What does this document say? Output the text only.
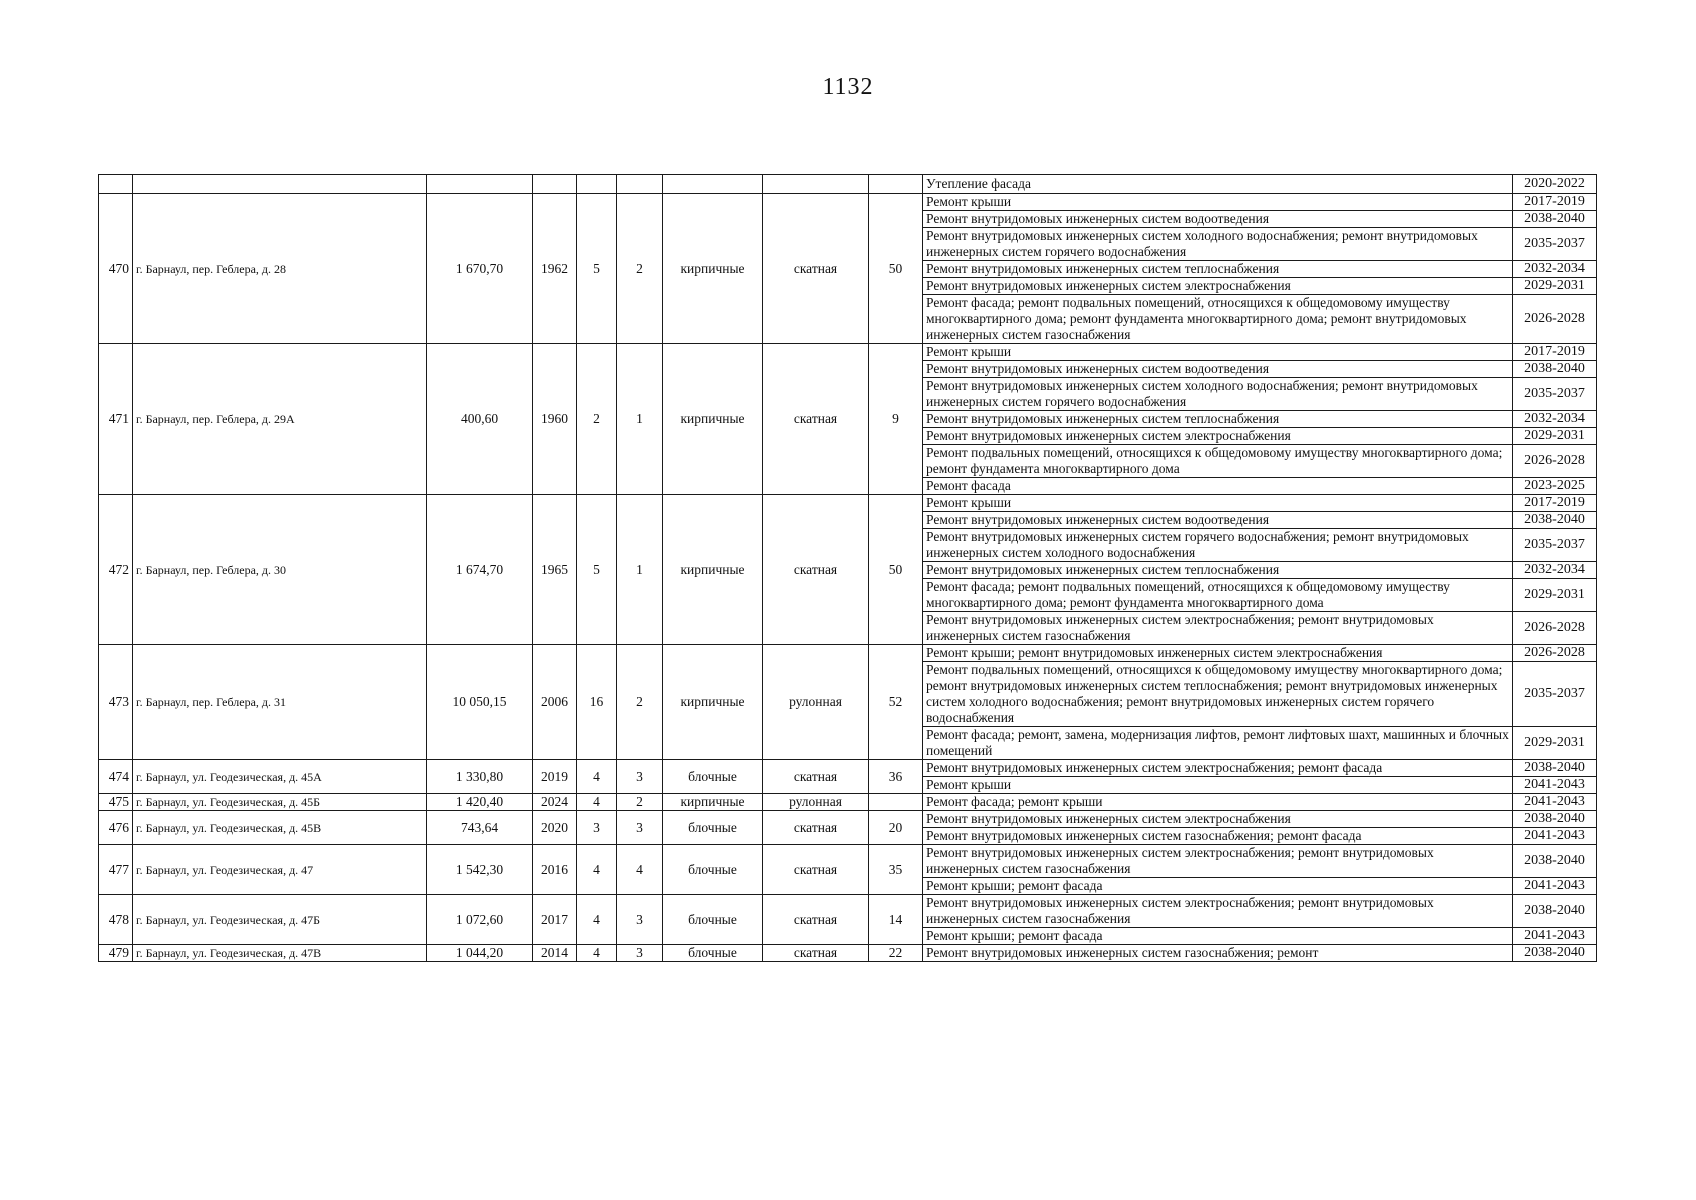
1132
									Утепление фасада	2020-2022
470	г. Барнаул, пер. Геблера, д. 28	1 670,70	1962	5	2	кирпичные	скатная	50	Ремонт крыши	2017-2019
									Ремонт внутридомовых инженерных систем водоотведения	2038-2040
									Ремонт внутридомовых инженерных систем холодного водоснабжения; ремонт внутридомовых инженерных систем горячего водоснабжения	2035-2037
									Ремонт внутридомовых инженерных систем теплоснабжения	2032-2034
									Ремонт внутридомовых инженерных систем электроснабжения	2029-2031
									Ремонт фасада; ремонт подвальных помещений, относящихся к общедомовому имуществу многоквартирного дома; ремонт фундамента многоквартирного дома; ремонт внутридомовых инженерных систем газоснабжения	2026-2028
471	г. Барнаул, пер. Геблера, д. 29А	400,60	1960	2	1	кирпичные	скатная	9	Ремонт крыши	2017-2019
									Ремонт внутридомовых инженерных систем водоотведения	2038-2040
									Ремонт внутридомовых инженерных систем холодного водоснабжения; ремонт внутридомовых инженерных систем горячего водоснабжения	2035-2037
									Ремонт внутридомовых инженерных систем теплоснабжения	2032-2034
									Ремонт внутридомовых инженерных систем электроснабжения	2029-2031
									Ремонт подвальных помещений, относящихся к общедомовому имуществу многоквартирного дома; ремонт фундамента многоквартирного дома	2026-2028
									Ремонт фасада	2023-2025
472	г. Барнаул, пер. Геблера, д. 30	1 674,70	1965	5	1	кирпичные	скатная	50	Ремонт крыши	2017-2019
									Ремонт внутридомовых инженерных систем водоотведения	2038-2040
									Ремонт внутридомовых инженерных систем горячего водоснабжения; ремонт внутридомовых инженерных систем холодного водоснабжения	2035-2037
									Ремонт внутридомовых инженерных систем теплоснабжения	2032-2034
									Ремонт фасада; ремонт подвальных помещений, относящихся к общедомовому имуществу многоквартирного дома; ремонт фундамента многоквартирного дома	2029-2031
									Ремонт внутридомовых инженерных систем электроснабжения; ремонт внутридомовых инженерных систем газоснабжения	2026-2028
473	г. Барнаул, пер. Геблера, д. 31	10 050,15	2006	16	2	кирпичные	рулонная	52	Ремонт крыши; ремонт внутридомовых инженерных систем электроснабжения	2026-2028
									Ремонт подвальных помещений, относящихся к общедомовому имуществу многоквартирного дома; ремонт внутридомовых инженерных систем теплоснабжения; ремонт внутридомовых инженерных систем холодного водоснабжения; ремонт внутридомовых инженерных систем горячего водоснабжения	2035-2037
									Ремонт фасада; ремонт, замена, модернизация лифтов, ремонт лифтовых шахт, машинных и блочных помещений	2029-2031
474	г. Барнаул, ул. Геодезическая, д. 45А	1 330,80	2019	4	3	блочные	скатная	36	Ремонт внутридомовых инженерных систем электроснабжения; ремонт фасада	2038-2040
									Ремонт крыши	2041-2043
475	г. Барнаул, ул. Геодезическая, д. 45Б	1 420,40	2024	4	2	кирпичные	рулонная		Ремонт фасада; ремонт крыши	2041-2043
476	г. Барнаул, ул. Геодезическая, д. 45В	743,64	2020	3	3	блочные	скатная	20	Ремонт внутридомовых инженерных систем электроснабжения	2038-2040
									Ремонт внутридомовых инженерных систем газоснабжения; ремонт фасада	2041-2043
477	г. Барнаул, ул. Геодезическая, д. 47	1 542,30	2016	4	4	блочные	скатная	35	Ремонт внутридомовых инженерных систем электроснабжения; ремонт внутридомовых инженерных систем газоснабжения	2038-2040
									Ремонт крыши; ремонт фасада	2041-2043
478	г. Барнаул, ул. Геодезическая, д. 47Б	1 072,60	2017	4	3	блочные	скатная	14	Ремонт внутридомовых инженерных систем электроснабжения; ремонт внутридомовых инженерных систем газоснабжения	2038-2040
									Ремонт крыши; ремонт фасада	2041-2043
479	г. Барнаул, ул. Геодезическая, д. 47В	1 044,20	2014	4	3	блочные	скатная	22	Ремонт внутридомовых инженерных систем газоснабжения; ремонт	2038-2040
